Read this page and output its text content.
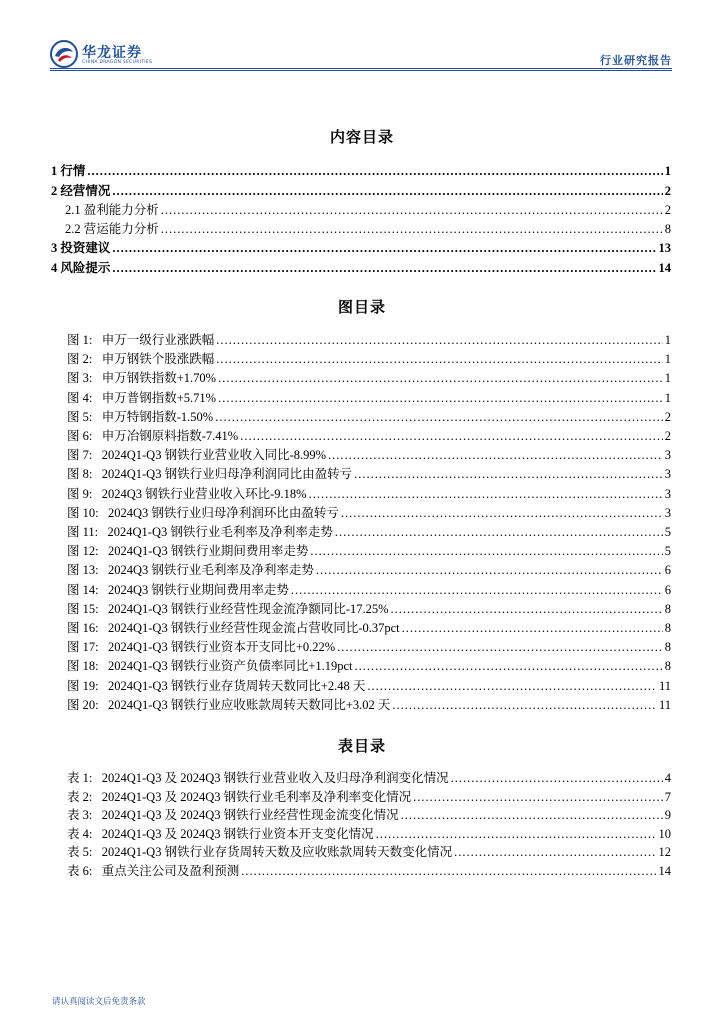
华龙证券
CHINA DRAGON SECURITIES	行业研究报告
内容目录
1 行情 .....	1
2 经营情况 .....	2
2.1 盈利能力分析 .....	2
2.2 营运能力分析 .....	8
3 投资建议 .....	13
4 风险提示 .....	14
图目录
图 1:   申万一级行业涨跌幅 .....	1
图 2:   申万钢铁个股涨跌幅 .....	1
图 3:   申万钢铁指数+1.70% .....	1
图 4:   申万普钢指数+5.71% .....	1
图 5:   申万特钢指数-1.50% .....	2
图 6:   申万冶钢原料指数-7.41% .....	2
图 7:   2024Q1-Q3 钢铁行业营业收入同比-8.99% .....	3
图 8:   2024Q1-Q3 钢铁行业归母净利润同比由盈转亏 .....	3
图 9:   2024Q3 钢铁行业营业收入环比-9.18% .....	3
图 10:   2024Q3 钢铁行业归母净利润环比由盈转亏 .....	3
图 11:   2024Q1-Q3 钢铁行业毛利率及净利率走势 .....	5
图 12:   2024Q1-Q3 钢铁行业期间费用率走势 .....	5
图 13:   2024Q3 钢铁行业毛利率及净利率走势 .....	6
图 14:   2024Q3 钢铁行业期间费用率走势 .....	6
图 15:   2024Q1-Q3 钢铁行业经营性现金流净额同比-17.25% .....	8
图 16:   2024Q1-Q3 钢铁行业经营性现金流占营收同比-0.37pct .....	8
图 17:   2024Q1-Q3 钢铁行业资本开支同比+0.22% .....	8
图 18:   2024Q1-Q3 钢铁行业资产负债率同比+1.19pct .....	8
图 19:   2024Q1-Q3 钢铁行业存货周转天数同比+2.48 天 .....	11
图 20:   2024Q1-Q3 钢铁行业应收账款周转天数同比+3.02 天 .....	11
表目录
表 1:   2024Q1-Q3 及 2024Q3 钢铁行业营业收入及归母净利润变化情况 .....	4
表 2:   2024Q1-Q3 及 2024Q3 钢铁行业毛利率及净利率变化情况 .....	7
表 3:   2024Q1-Q3 及 2024Q3 钢铁行业经营性现金流变化情况 .....	9
表 4:   2024Q1-Q3 及 2024Q3 钢铁行业资本开支变化情况 .....	10
表 5:   2024Q1-Q3 钢铁行业存货周转天数及应收账款周转天数变化情况 .....	12
表 6:   重点关注公司及盈利预测 .....	14
请认真阅读文后免责条款
